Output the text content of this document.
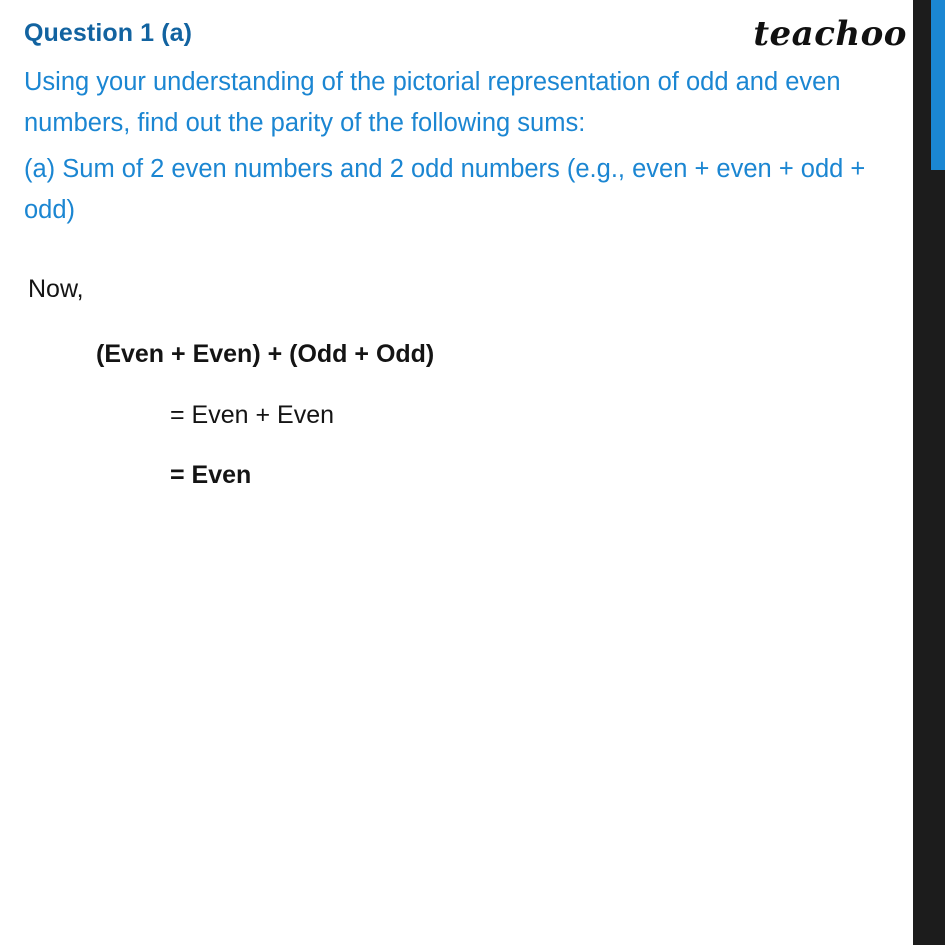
teachoo
Question 1 (a)

Using your understanding of the pictorial representation of odd and even numbers, find out the parity of the following sums:

(a) Sum of 2 even numbers and 2 odd numbers (e.g., even + even + odd + odd)

Now,
(Even + Even) + (Odd + Odd)
= Even + Even
= Even
